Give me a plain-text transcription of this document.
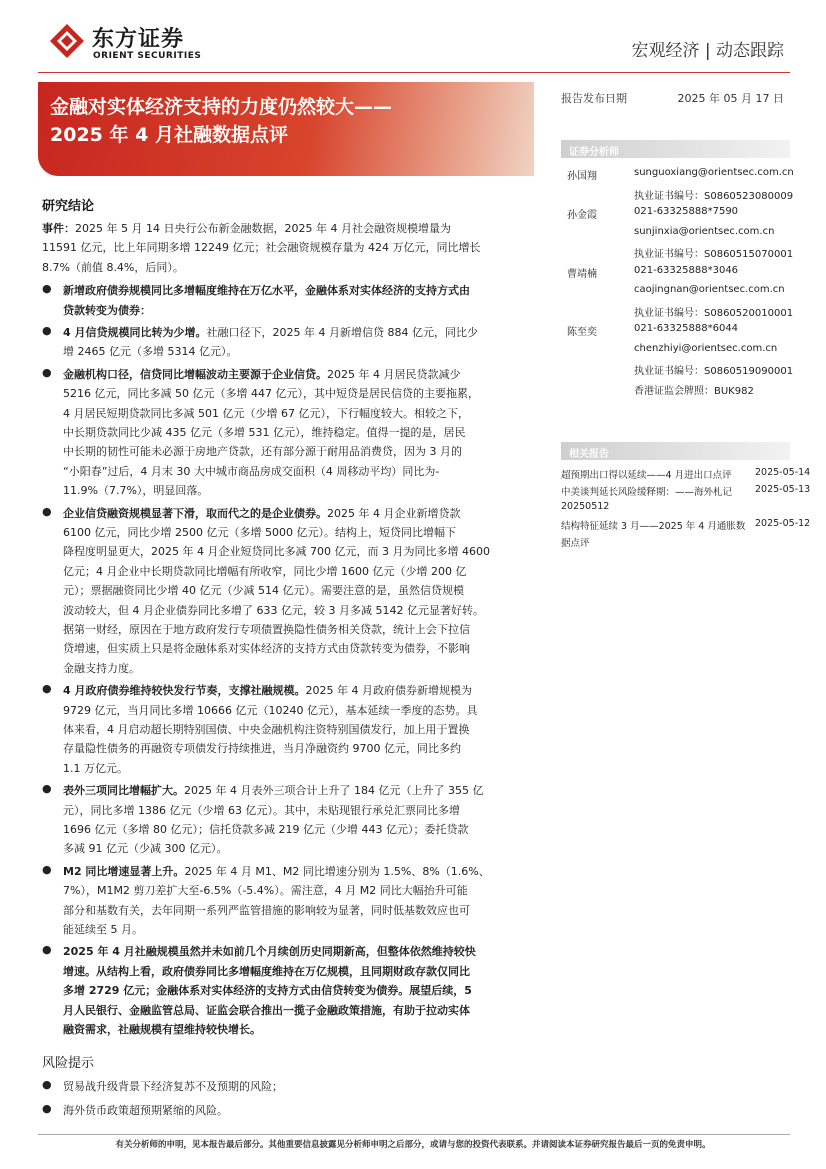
东方证券
ORIENT SECURITIES	宏观经济 | 动态跟踪
金融对实体经济支持的力度仍然较大——
2025 年 4 月社融数据点评
报告发布日期	2025 年 05 月 17 日
证券分析师
孙国翔	sunguoxiang@orientsec.com.cn
执业证书编号：S0860523080009
孙金霞	021-63325888*7590
sunjinxia@orientsec.com.cn
执业证书编号：S0860515070001
曹靖楠	021-63325888*3046
caojingnan@orientsec.com.cn
执业证书编号：S0860520010001
陈至奕	021-63325888*6044
chenzhiyi@orientsec.com.cn
执业证书编号：S0860519090001
香港证监会牌照：BUK982
相关报告
超预期出口得以延续——4 月进出口点评 2025-05-14
中美谈判延长风险缓释期：——海外札记 2025-05-13
20250512
结构特征延续 3 月——2025 年 4 月通胀数 2025-05-12
据点评
研究结论
事件：2025 年 5 月 14 日央行公布新金融数据，2025 年 4 月社会融资规模增量为
11591 亿元，比上年同期多增 12249 亿元；社会融资规模存量为 424 万亿元，同比增长
8.7%（前值 8.4%，后同）。
● 新增政府债券规模同比多增幅度维持在万亿水平，金融体系对实体经济的支持方式由
贷款转变为债券：
● 4 月信贷规模同比转为少增。社融口径下，2025 年 4 月新增信贷 884 亿元，同比少
增 2465 亿元（多增 5314 亿元）。
● 金融机构口径，信贷同比增幅波动主要源于企业信贷。2025 年 4 月居民贷款减少
5216 亿元，同比多减 50 亿元（多增 447 亿元），其中短贷是居民信贷的主要拖累，
4 月居民短期贷款同比多减 501 亿元（少增 67 亿元），下行幅度较大。相较之下，
中长期贷款同比少减 435 亿元（多增 531 亿元），维持稳定。值得一提的是，居民
中长期的韧性可能未必源于房地产贷款，还有部分源于耐用品消费贷，因为 3 月的
“小阳春”过后，4 月末 30 大中城市商品房成交面积（4 周移动平均）同比为-
11.9%（7.7%），明显回落。
● 企业信贷融资规模显著下滑，取而代之的是企业债券。2025 年 4 月企业新增贷款
6100 亿元，同比少增 2500 亿元（多增 5000 亿元）。结构上，短贷同比增幅下
降程度明显更大，2025 年 4 月企业短贷同比多减 700 亿元，而 3 月为同比多增 4600
亿元；4 月企业中长期贷款同比增幅有所收窄，同比少增 1600 亿元（少增 200 亿
元）；票据融资同比少增 40 亿元（少减 514 亿元）。需要注意的是，虽然信贷规模
波动较大，但 4 月企业债券同比多增了 633 亿元，较 3 月多减 5142 亿元显著好转。
据第一财经，原因在于地方政府发行专项债置换隐性债务相关贷款，统计上会下拉信
贷增速，但实质上只是将金融体系对实体经济的支持方式由贷款转变为债券，不影响
金融支持力度。
● 4 月政府债券维持较快发行节奏，支撑社融规模。2025 年 4 月政府债券新增规模为
9729 亿元，当月同比多增 10666 亿元（10240 亿元），基本延续一季度的态势。具
体来看，4 月启动超长期特别国债、中央金融机构注资特别国债发行，加上用于置换
存量隐性债务的再融资专项债发行持续推进，当月净融资约 9700 亿元，同比多约
1.1 万亿元。
● 表外三项同比增幅扩大。2025 年 4 月表外三项合计上升了 184 亿元（上升了 355 亿
元），同比多增 1386 亿元（少增 63 亿元）。其中，未贴现银行承兑汇票同比多增
1696 亿元（多增 80 亿元）；信托贷款多减 219 亿元（少增 443 亿元）；委托贷款
多减 91 亿元（少减 300 亿元）。
● M2 同比增速显著上升。2025 年 4 月 M1、M2 同比增速分别为 1.5%、8%（1.6%、
7%），M1M2 剪刀差扩大至-6.5%（-5.4%）。需注意，4 月 M2 同比大幅抬升可能
部分和基数有关，去年同期一系列严监管措施的影响较为显著，同时低基数效应也可
能延续至 5 月。
● 2025 年 4 月社融规模虽然并未如前几个月续创历史同期新高，但整体依然维持较快
增速。从结构上看，政府债券同比多增幅度维持在万亿规模，且同期财政存款仅同比
多增 2729 亿元；金融体系对实体经济的支持方式由信贷转变为债券。展望后续，5
月人民银行、金融监管总局、证监会联合推出一揽子金融政策措施，有助于拉动实体
融资需求，社融规模有望维持较快增长。
风险提示
● 贸易战升级背景下经济复苏不及预期的风险；
● 海外货币政策超预期紧缩的风险。
有关分析师的申明，见本报告最后部分。其他重要信息披露见分析师申明之后部分，或请与您的投资代表联系。并请阅读本证券研究报告最后一页的免责申明。
